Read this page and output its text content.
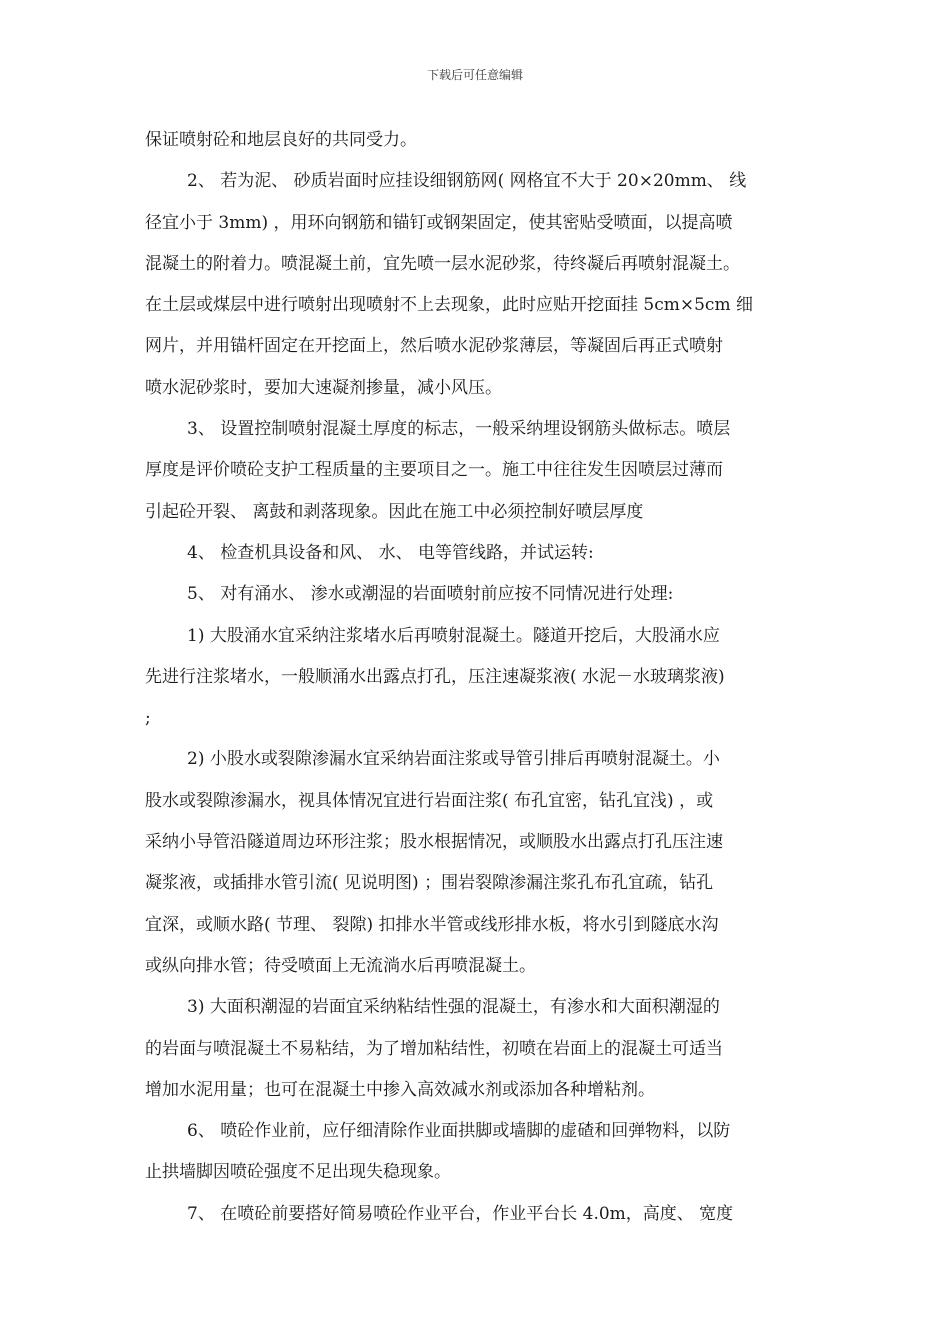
下载后可任意编辑
保证喷射砼和地层良好的共同受力。
2、 若为泥、 砂质岩面时应挂设细钢筋网( 网格宜不大于 20×20mm、 线
径宜小于 3mm) ，用环向钢筋和锚钉或钢架固定，使其密贴受喷面，以提高喷
混凝土的附着力。喷混凝土前，宜先喷一层水泥砂浆，待终凝后再喷射混凝土。
在土层或煤层中进行喷射出现喷射不上去现象，此时应贴开挖面挂 5cm×5cm 细
网片，并用锚杆固定在开挖面上，然后喷水泥砂浆薄层，等凝固后再正式喷射
喷水泥砂浆时，要加大速凝剂掺量，减小风压。
3、 设置控制喷射混凝土厚度的标志，一般采纳埋设钢筋头做标志。喷层
厚度是评价喷砼支护工程质量的主要项目之一。施工中往往发生因喷层过薄而
引起砼开裂、 离鼓和剥落现象。因此在施工中必须控制好喷层厚度
4、 检查机具设备和风、 水、 电等管线路，并试运转:
5、 对有涌水、 渗水或潮湿的岩面喷射前应按不同情况进行处理:
1) 大股涌水宜采纳注浆堵水后再喷射混凝土。隧道开挖后，大股涌水应
先进行注浆堵水，一般顺涌水出露点打孔，压注速凝浆液( 水泥－水玻璃浆液)
;
2) 小股水或裂隙渗漏水宜采纳岩面注浆或导管引排后再喷射混凝土。小
股水或裂隙渗漏水，视具体情况宜进行岩面注浆( 布孔宜密，钻孔宜浅) ，或
采纳小导管沿隧道周边环形注浆；股水根据情况，或顺股水出露点打孔压注速
凝浆液，或插排水管引流( 见说明图) ；围岩裂隙渗漏注浆孔布孔宜疏，钻孔
宜深，或顺水路( 节理、 裂隙) 扣排水半管或线形排水板，将水引到隧底水沟
或纵向排水管；待受喷面上无流淌水后再喷混凝土。
3) 大面积潮湿的岩面宜采纳粘结性强的混凝土，有渗水和大面积潮湿的
的岩面与喷混凝土不易粘结，为了增加粘结性，初喷在岩面上的混凝土可适当
增加水泥用量；也可在混凝土中掺入高效减水剂或添加各种增粘剂。
6、 喷砼作业前，应仔细清除作业面拱脚或墙脚的虚碴和回弹物料，以防
止拱墙脚因喷砼强度不足出现失稳现象。
7、 在喷砼前要搭好简易喷砼作业平台，作业平台长 4.0m，高度、 宽度
